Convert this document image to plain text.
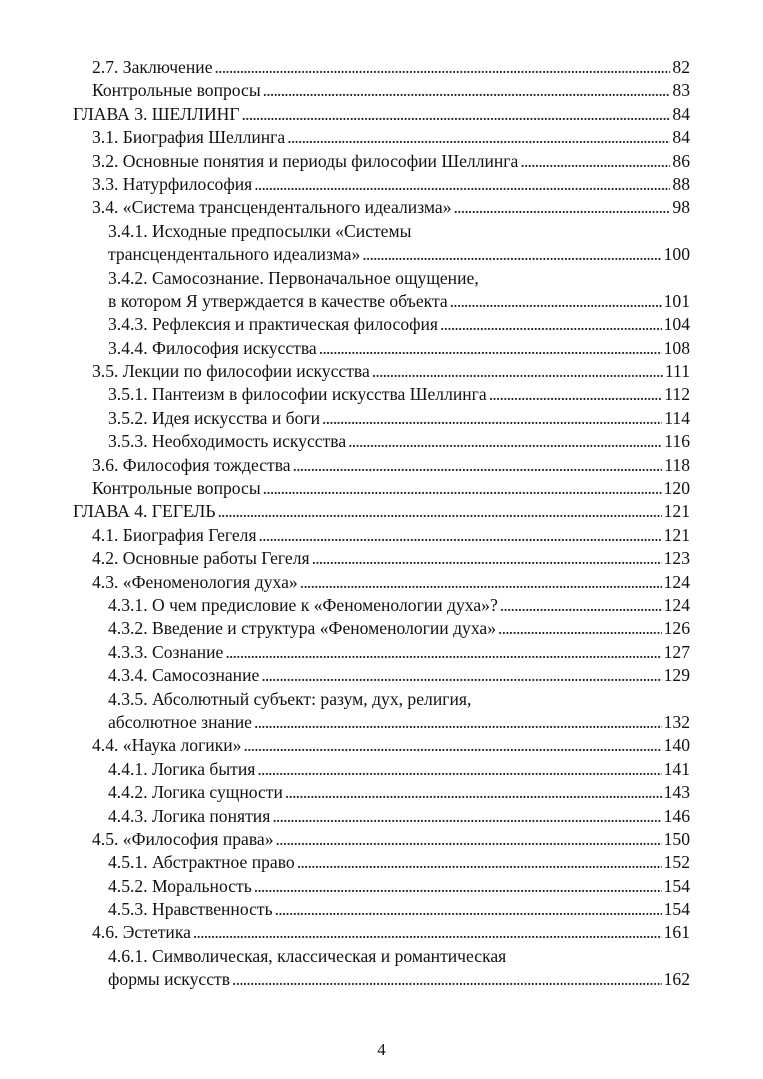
2.7. Заключение . . .	82
Контрольные вопросы . . .	83
ГЛАВА 3. ШЕЛЛИНГ . . .	84
3.1. Биография Шеллинга . . .	84
3.2. Основные понятия и периоды философии Шеллинга . . .	86
3.3. Натурфилософия . . .	88
3.4. «Система трансцендентального идеализма» . . .	98
3.4.1. Исходные предпосылки «Системы
трансцендентального идеализма» . . .	100
3.4.2. Самосознание. Первоначальное ощущение,
в котором Я утверждается в качестве объекта . . .	101
3.4.3. Рефлексия и практическая философия . . .	104
3.4.4. Философия искусства . . .	108
3.5. Лекции по философии искусства . . .	111
3.5.1. Пантеизм в философии искусства Шеллинга . . .	112
3.5.2. Идея искусства и боги . . .	114
3.5.3. Необходимость искусства . . .	116
3.6. Философия тождества . . .	118
Контрольные вопросы . . .	120
ГЛАВА 4. ГЕГЕЛЬ . . .	121
4.1. Биография Гегеля . . .	121
4.2. Основные работы Гегеля . . .	123
4.3. «Феноменология духа» . . .	124
4.3.1. О чем предисловие к «Феноменологии духа»? . . .	124
4.3.2. Введение и структура «Феноменологии духа» . . .	126
4.3.3. Сознание . . .	127
4.3.4. Самосознание . . .	129
4.3.5. Абсолютный субъект: разум, дух, религия,
абсолютное знание . . .	132
4.4. «Наука логики» . . .	140
4.4.1. Логика бытия . . .	141
4.4.2. Логика сущности . . .	143
4.4.3. Логика понятия . . .	146
4.5. «Философия права» . . .	150
4.5.1. Абстрактное право . . .	152
4.5.2. Моральность . . .	154
4.5.3. Нравственность . . .	154
4.6. Эстетика . . .	161
4.6.1. Символическая, классическая и романтическая
формы искусств . . .	162
4
